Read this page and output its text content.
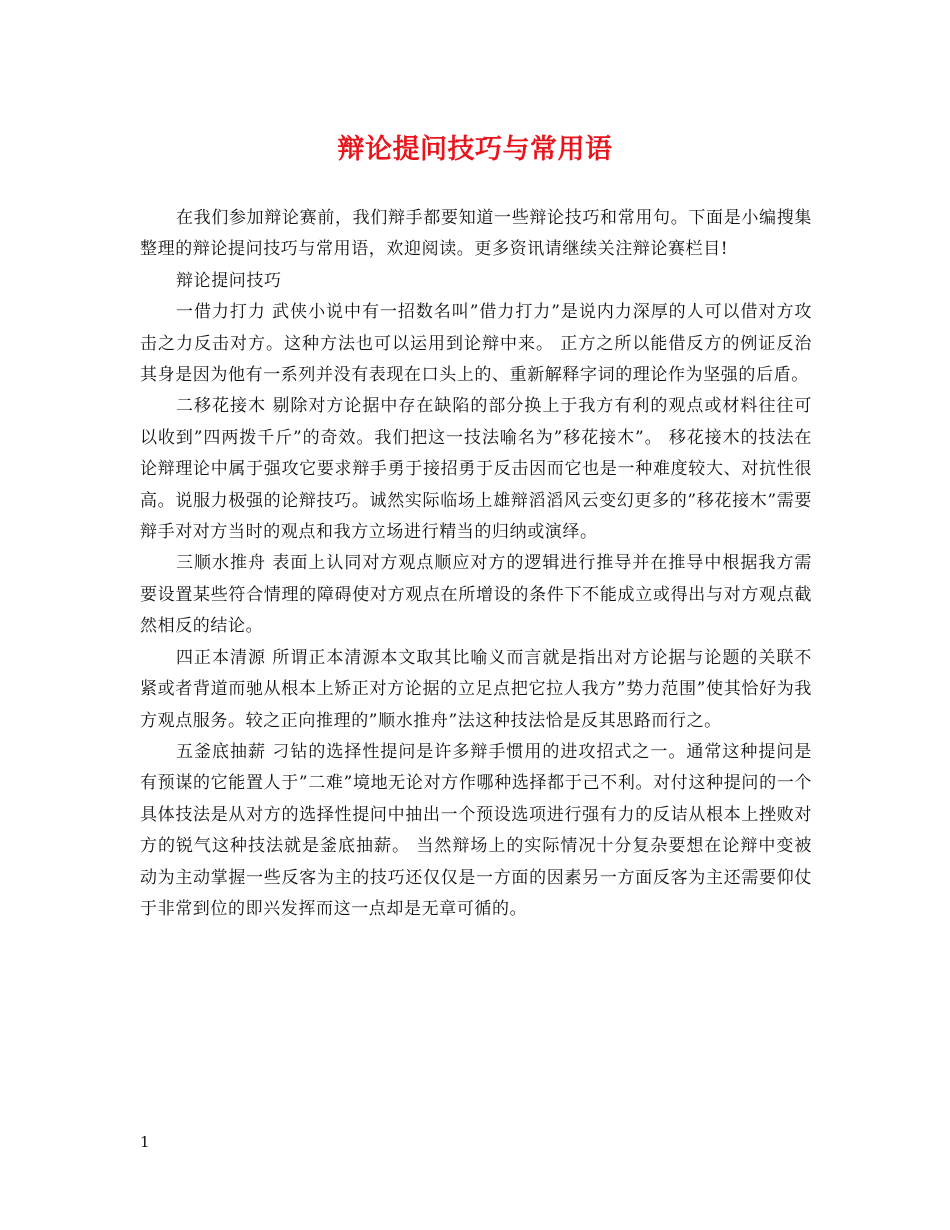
辩论提问技巧与常用语

在我们参加辩论赛前，我们辩手都要知道一些辩论技巧和常用句。下面是小编搜集整理的辩论提问技巧与常用语，欢迎阅读。更多资讯请继续关注辩论赛栏目!

辩论提问技巧

一借力打力 武侠小说中有一招数名叫”借力打力”是说内力深厚的人可以借对方攻击之力反击对方。这种方法也可以运用到论辩中来。 正方之所以能借反方的例证反治其身是因为他有一系列并没有表现在口头上的、重新解释字词的理论作为坚强的后盾。

二移花接木 剔除对方论据中存在缺陷的部分换上于我方有利的观点或材料往往可以收到”四两拨千斤”的奇效。我们把这一技法喻名为”移花接木”。 移花接木的技法在论辩理论中属于强攻它要求辩手勇于接招勇于反击因而它也是一种难度较大、对抗性很高。说服力极强的论辩技巧。诚然实际临场上雄辩滔滔风云变幻更多的”移花接木”需要辩手对对方当时的观点和我方立场进行精当的归纳或演绎。

三顺水推舟 表面上认同对方观点顺应对方的逻辑进行推导并在推导中根据我方需要设置某些符合情理的障碍使对方观点在所增设的条件下不能成立或得出与对方观点截然相反的结论。

四正本清源 所谓正本清源本文取其比喻义而言就是指出对方论据与论题的关联不紧或者背道而驰从根本上矫正对方论据的立足点把它拉人我方”势力范围”使其恰好为我方观点服务。较之正向推理的”顺水推舟”法这种技法恰是反其思路而行之。

五釜底抽薪 刁钻的选择性提问是许多辩手惯用的进攻招式之一。通常这种提问是有预谋的它能置人于”二难”境地无论对方作哪种选择都于己不利。对付这种提问的一个具体技法是从对方的选择性提问中抽出一个预设选项进行强有力的反诘从根本上挫败对方的锐气这种技法就是釜底抽薪。 当然辩场上的实际情况十分复杂要想在论辩中变被动为主动掌握一些反客为主的技巧还仅仅是一方面的因素另一方面反客为主还需要仰仗于非常到位的即兴发挥而这一点却是无章可循的。

1
